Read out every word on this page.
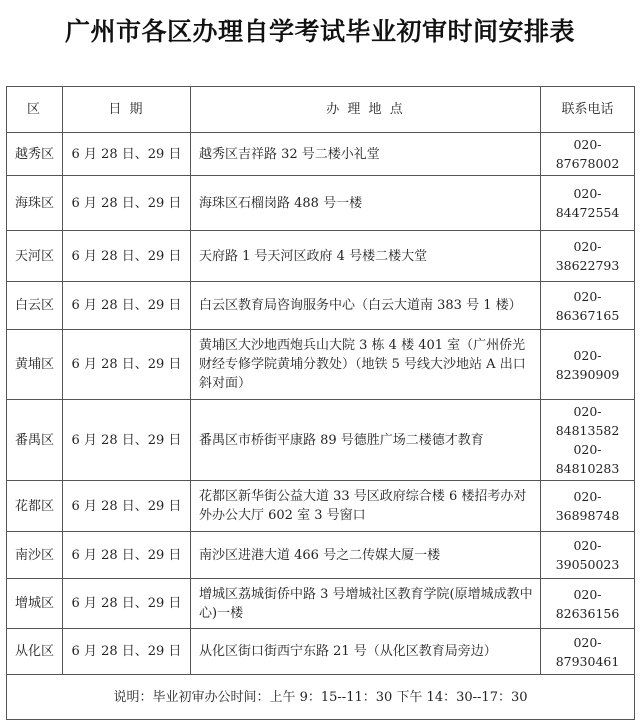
广州市各区办理自学考试毕业初审时间安排表
区	日 期	办 理 地 点	联系电话
越秀区	6 月 28 日、29 日	越秀区吉祥路 32 号二楼小礼堂	020-87678002

海珠区	6 月 28 日、29 日	海珠区石榴岗路 488 号一楼	020-84472554

天河区	6 月 28 日、29 日	天府路 1 号天河区政府 4 号楼二楼大堂	020-38622793

白云区	6 月 28 日、29 日	白云区教育局咨询服务中心（白云大道南 383 号 1 楼）	020-86367165

黄埔区	6 月 28 日、29 日	黄埔区大沙地西炮兵山大院 3 栋 4 楼 401 室（广州侨光财经专修学院黄埔分教处）（地铁 5 号线大沙地站 A 出口斜对面）	020-82390909

番禺区	6 月 28 日、29 日	番禺区市桥街平康路 89 号德胜广场二楼德才教育	020-84813582
020-84810283

花都区	6 月 28 日、29 日	花都区新华街公益大道 33 号区政府综合楼 6 楼招考办对外办公大厅 602 室 3 号窗口	020-36898748

南沙区	6 月 28 日、29 日	南沙区进港大道 466 号之二传媒大厦一楼	020-39050023

增城区	6 月 28 日、29 日	增城区荔城街侨中路 3 号增城社区教育学院(原增城成教中心)一楼	020-82636156

从化区	6 月 28 日、29 日	从化区街口街西宁东路 21 号（从化区教育局旁边）	020-87930461

说明：毕业初审办公时间：上午 9：15--11：30 下午 14：30--17：30			
